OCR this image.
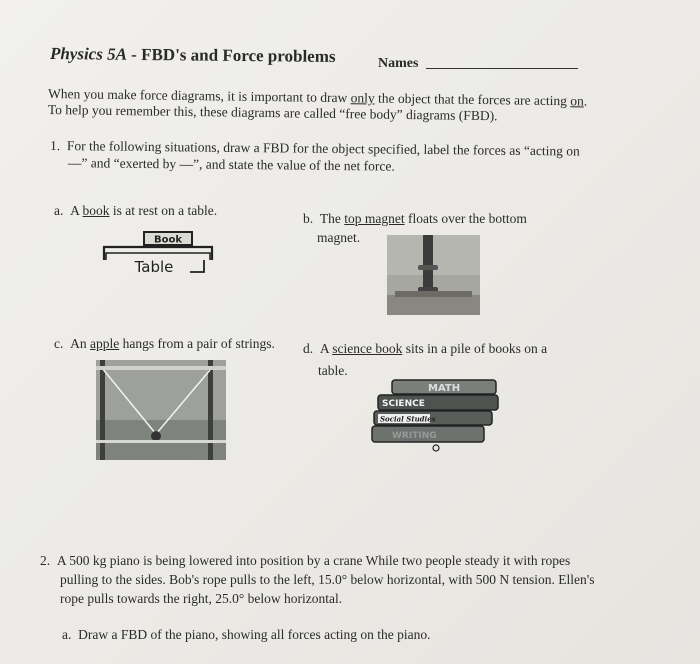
Physics 5A - FBD's and Force problems	Names
When you make force diagrams, it is important to draw only the object that the forces are acting on.
To help you remember this, these diagrams are called “free body” diagrams (FBD).
1. For the following situations, draw a FBD for the object specified, label the forces as “acting on
—” and “exerted by —”, and state the value of the net force.
a. A book is at rest on a table.
Book
Table
b. The top magnet floats over the bottom
magnet.
c. An apple hangs from a pair of strings. d. A science book sits in a pile of books on a
table.
MATH
SCIENCE
Social Studies
WRITING
2. A 500 kg piano is being lowered into position by a crane While two people steady it with ropes
pulling to the sides. Bob's rope pulls to the left, 15.0° below horizontal, with 500 N tension. Ellen's
rope pulls towards the right, 25.0° below horizontal.
a. Draw a FBD of the piano, showing all forces acting on the piano.
